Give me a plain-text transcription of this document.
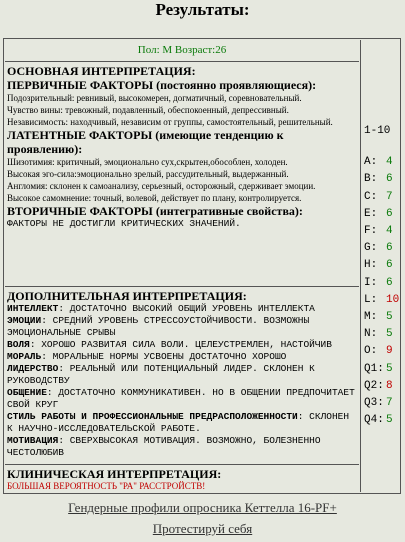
Результаты:
Пол: М Возраст:26

ОСНОВНАЯ ИНТЕРПРЕТАЦИЯ:

ПЕРВИЧНЫЕ ФАКТОРЫ (постоянно проявляющиеся):

Подозрительный: ревнивый, высокомерен, догматичный, соревновательный.

Чувство вины: тревожный, подавленный, обеспокоенный, депрессивный.

Независимость: находчивый, независим от группы, самостоятельный, решительный.

ЛАТЕНТНЫЕ ФАКТОРЫ (имеющие тенденцию к проявлению):

Шизотимия: критичный, эмоционально сух,скрытен,обособлен, холоден.

Высокая эго-сила:эмоционально зрелый, рассудительный, выдержанный.

Англомия: склонен к самоанализу, серьезный, осторожный, сдерживает эмоции.

Высокое самомнение: точный, волевой, действует по плану, контролируется.

ВТОРИЧНЫЕ ФАКТОРЫ (интегративные свойства):

ФАКТОРЫ НЕ ДОСТИГЛИ КРИТИЧЕСКИХ ЗНАЧЕНИЙ.

ДОПОЛНИТЕЛЬНАЯ ИНТЕРПРЕТАЦИЯ:

ИНТЕЛЛЕКТ: ДОСТАТОЧНО ВЫСОКИЙ ОБЩИЙ УРОВЕНЬ ИНТЕЛЛЕКТА

ЭМОЦИИ: СРЕДНИЙ УРОВЕНЬ СТРЕССОУСТОЙЧИВОСТИ. ВОЗМОЖНЫ ЭМОЦИОНАЛЬНЫЕ СРЫВЫ

ВОЛЯ: ХОРОШО РАЗВИТАЯ СИЛА ВОЛИ. ЦЕЛЕУСТРЕМЛЕН, НАСТОЙЧИВ

МОРАЛЬ: МОРАЛЬНЫЕ НОРМЫ УСВОЕНЫ ДОСТАТОЧНО ХОРОШО

ЛИДЕРСТВО: РЕАЛЬНЫЙ ИЛИ ПОТЕНЦИАЛЬНЫЙ ЛИДЕР. СКЛОНЕН К РУКОВОДСТВУ

ОБЩЕНИЕ: ДОСТАТОЧНО КОММУНИКАТИВЕН. НО В ОБЩЕНИИ ПРЕДПОЧИТАЕТ СВОЙ КРУГ

СТИЛЬ РАБОТЫ И ПРОФЕССИОНАЛЬНЫЕ ПРЕДРАСПОЛОЖЕННОСТИ: СКЛОНЕН К НАУЧНО-ИССЛЕДОВАТЕЛЬСКОЙ РАБОТЕ.

МОТИВАЦИЯ: СВЕРХВЫСОКАЯ МОТИВАЦИЯ. ВОЗМОЖНО, БОЛЕЗНЕННО ЧЕСТОЛЮБИВ

КЛИНИЧЕСКАЯ ИНТЕРПРЕТАЦИЯ:

БОЛЬШАЯ ВЕРОЯТНОСТЬ "РА" РАССТРОЙСТВ!

1-10
A: 4
B: 6
C: 7
E: 6
F: 4
G: 6
H: 6
I: 6
L: 10
M: 5
N: 5
O: 9
Q1: 5
Q2: 8
Q3: 7
Q4: 5
Гендерные профили опросника Кеттелла 16-PF+
Протестируй себя
